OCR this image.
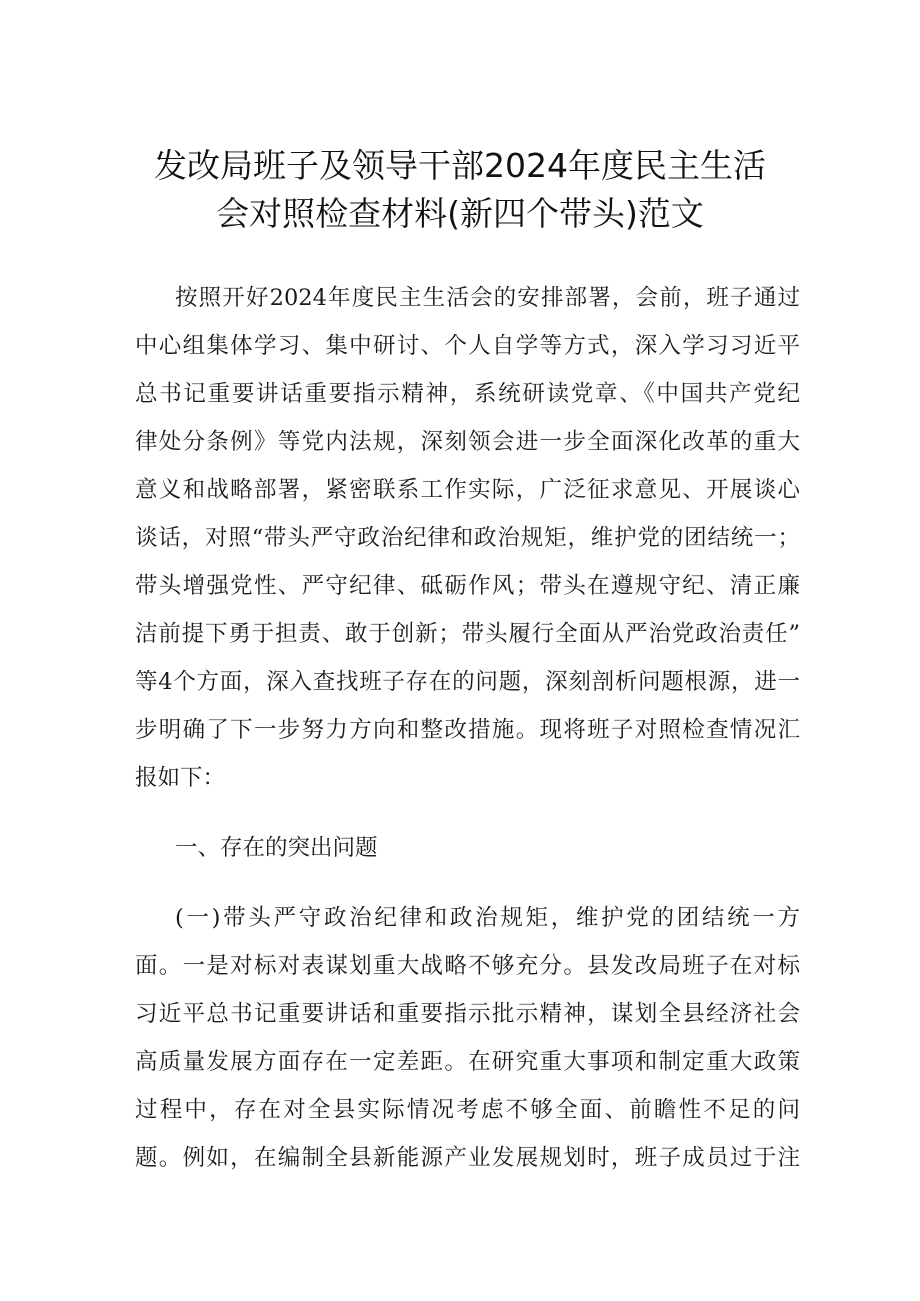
发改局班子及领导干部2024年度民主生活
会对照检查材料(新四个带头)范文
按照开好2024年度民主生活会的安排部署，会前，班子通过
中心组集体学习、集中研讨、个人自学等方式，深入学习习近平
总书记重要讲话重要指示精神，系统研读党章、《中国共产党纪
律处分条例》等党内法规，深刻领会进一步全面深化改革的重大
意义和战略部署，紧密联系工作实际，广泛征求意见、开展谈心
谈话，对照“带头严守政治纪律和政治规矩，维护党的团结统一；
带头增强党性、严守纪律、砥砺作风；带头在遵规守纪、清正廉
洁前提下勇于担责、敢于创新；带头履行全面从严治党政治责任”
等4个方面，深入查找班子存在的问题，深刻剖析问题根源，进一
步明确了下一步努力方向和整改措施。现将班子对照检查情况汇
报如下：
一、存在的突出问题
(一)带头严守政治纪律和政治规矩，维护党的团结统一方
面。一是对标对表谋划重大战略不够充分。县发改局班子在对标
习近平总书记重要讲话和重要指示批示精神，谋划全县经济社会
高质量发展方面存在一定差距。在研究重大事项和制定重大政策
过程中，存在对全县实际情况考虑不够全面、前瞻性不足的问
题。例如，在编制全县新能源产业发展规划时，班子成员过于注
